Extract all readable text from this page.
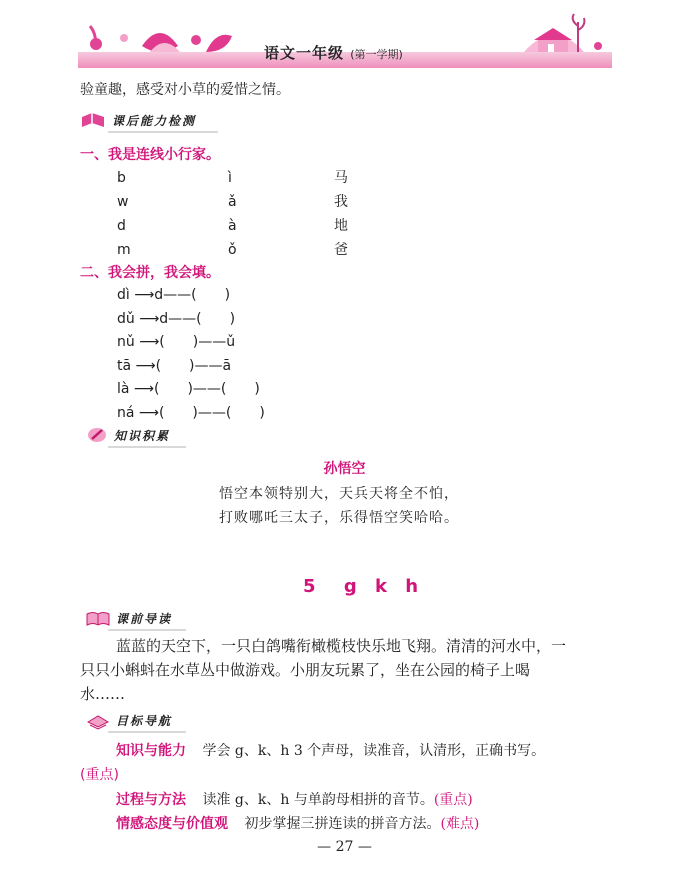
语文一年级 (第一学期)
验童趣，感受对小草的爱惜之情。
课后能力检测
一、我是连线小行家。
b
w
d
m
ì
ǎ
à
ǒ
马
我
地
爸
二、我会拼，我会填。
dì ⟶d——(　　)
dǔ ⟶d——(　　)
nǔ ⟶(　　)——ǔ
tā ⟶(　　)——ā
là ⟶(　　)——(　　)
ná ⟶(　　)——(　　)
知识积累
孙悟空
悟空本领特别大，天兵天将全不怕，
打败哪吒三太子，乐得悟空笑哈哈。
5 g k h
课前导读
蓝蓝的天空下，一只白鸽嘴衔橄榄枝快乐地飞翔。清清的河水中，一
只只小蝌蚪在水草丛中做游戏。小朋友玩累了，坐在公园的椅子上喝
水……
目标导航
知识与能力 学会 g、k、h 3 个声母，读准音，认清形，正确书写。
(重点)
过程与方法 读准 g、k、h 与单韵母相拼的音节。(重点)
情感态度与价值观 初步掌握三拼连读的拼音方法。(难点)
— 27 —
